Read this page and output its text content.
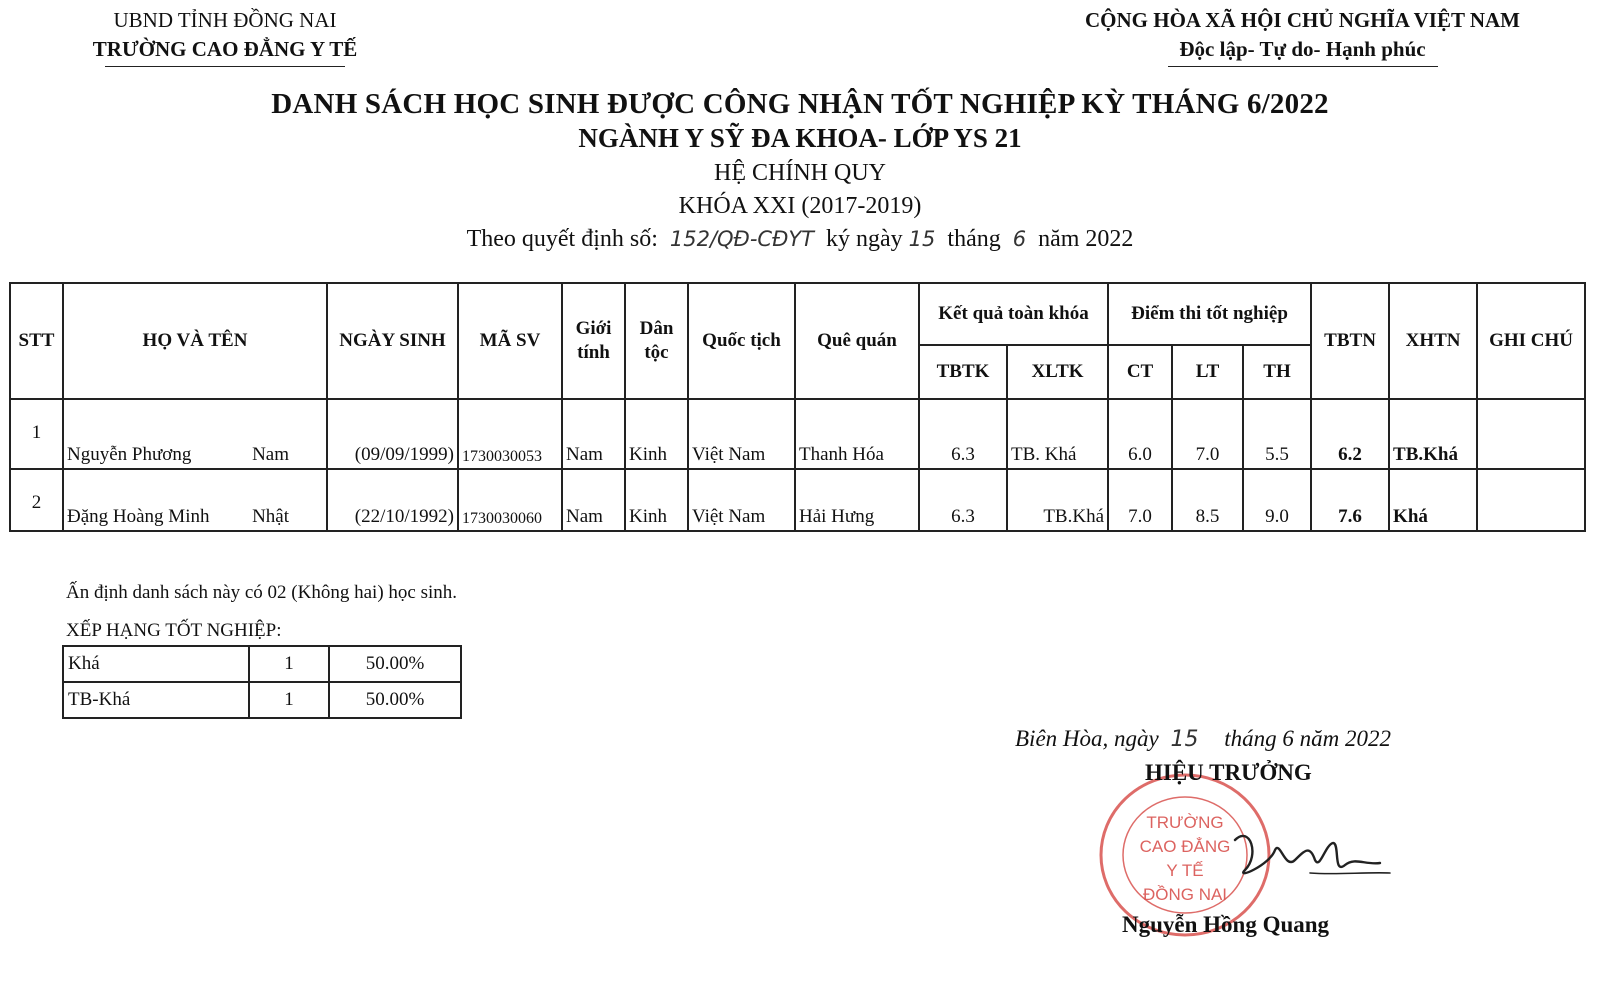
UBND TỈNH ĐỒNG NAI
TRƯỜNG CAO ĐẲNG Y TẾ
CỘNG HÒA XÃ HỘI CHỦ NGHĨA VIỆT NAM
Độc lập- Tự do- Hạnh phúc
DANH SÁCH HỌC SINH ĐƯỢC CÔNG NHẬN TỐT NGHIỆP KỲ THÁNG 6/2022
NGÀNH Y SỸ ĐA KHOA- LỚP YS 21
HỆ CHÍNH QUY
KHÓA XXI (2017-2019)
Theo quyết định số: 152/QĐ-CĐYT ký ngày 15 tháng 6 năm 2022
STT	HỌ VÀ TÊN	NGÀY SINH	MÃ SV	Giới tính	Dân tộc	Quốc tịch	Quê quán	Kết quả toàn khóa		Điểm thi tốt nghiệp			TBTN	XHTN	GHI CHÚ
								TBTK	XLTK	CT	LT	TH			
1	Nguyễn Phương Nam	(09/09/1999)	1730030053	Nam	Kinh	Việt Nam	Thanh Hóa	6.3	TB. Khá	6.0	7.0	5.5	6.2	TB.Khá	
2	Đặng Hoàng Minh Nhật	(22/10/1992)	1730030060	Nam	Kinh	Việt Nam	Hải Hưng	6.3	TB.Khá	7.0	8.5	9.0	7.6	Khá	
Ấn định danh sách này có 02 (Không hai) học sinh.
XẾP HẠNG TỐT NGHIỆP:
Khá	1	50.00%
TB-Khá	1	50.00%
Biên Hòa, ngày 15 tháng 6 năm 2022
TRƯỜNG
CAO ĐẲNG
Y TẾ
ĐỒNG NAI
HIỆU TRƯỞNG
Nguyễn Hồng Quang
